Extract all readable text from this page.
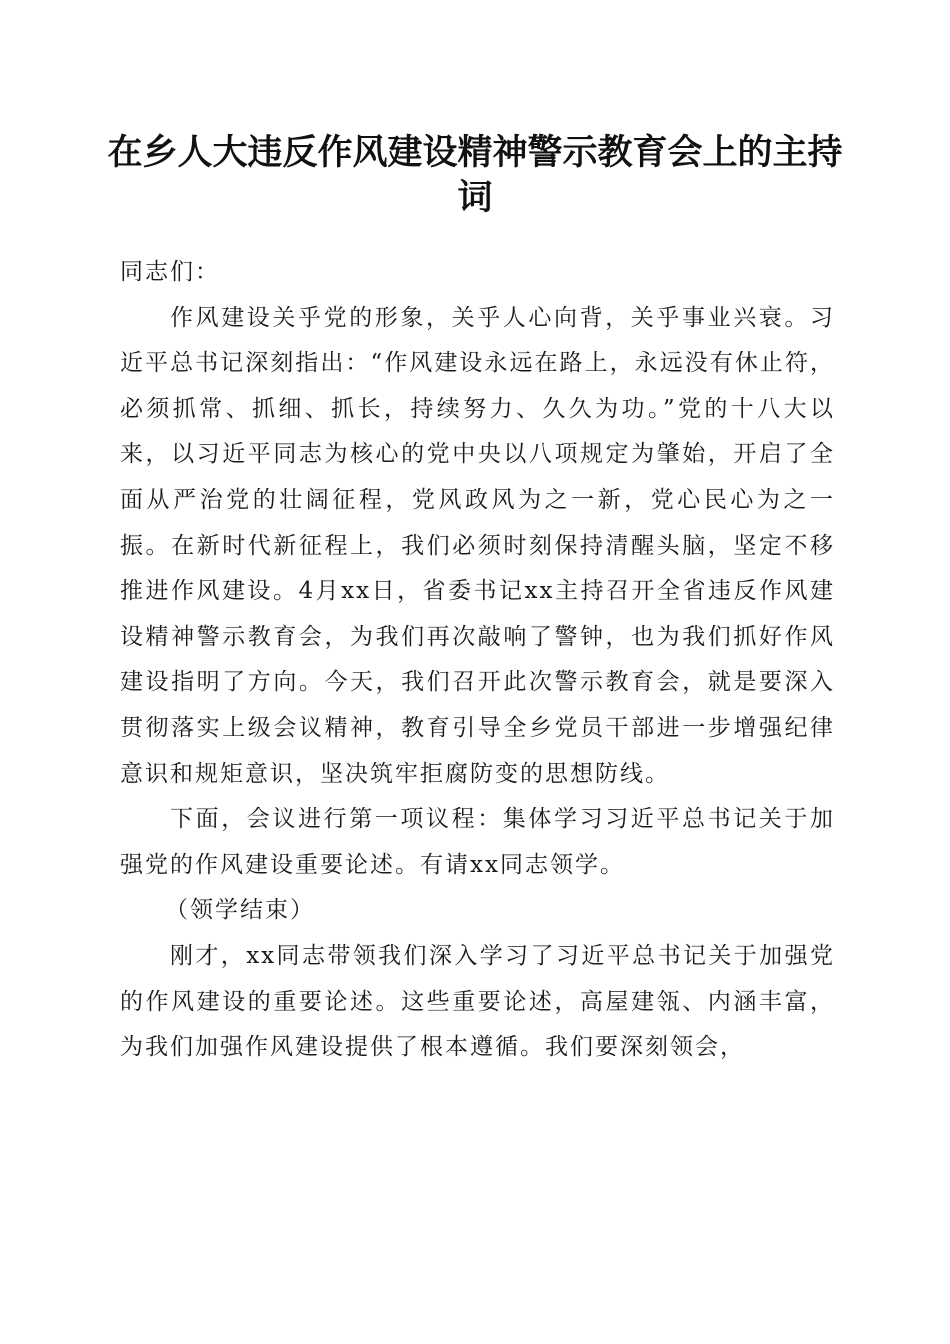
在乡人大违反作风建设精神警示教育会上的主持词

同志们：

作风建设关乎党的形象，关乎人心向背，关乎事业兴衰。习近平总书记深刻指出：“作风建设永远在路上，永远没有休止符，必须抓常、抓细、抓长，持续努力、久久为功。”党的十八大以来，以习近平同志为核心的党中央以八项规定为肇始，开启了全面从严治党的壮阔征程，党风政风为之一新，党心民心为之一振。在新时代新征程上，我们必须时刻保持清醒头脑，坚定不移推进作风建设。4月xx日，省委书记xx主持召开全省违反作风建设精神警示教育会，为我们再次敲响了警钟，也为我们抓好作风建设指明了方向。今天，我们召开此次警示教育会，就是要深入贯彻落实上级会议精神，教育引导全乡党员干部进一步增强纪律意识和规矩意识，坚决筑牢拒腐防变的思想防线。

下面，会议进行第一项议程：集体学习习近平总书记关于加强党的作风建设重要论述。有请xx同志领学。

（领学结束）

刚才，xx同志带领我们深入学习了习近平总书记关于加强党的作风建设的重要论述。这些重要论述，高屋建瓴、内涵丰富，为我们加强作风建设提供了根本遵循。我们要深刻领会，
